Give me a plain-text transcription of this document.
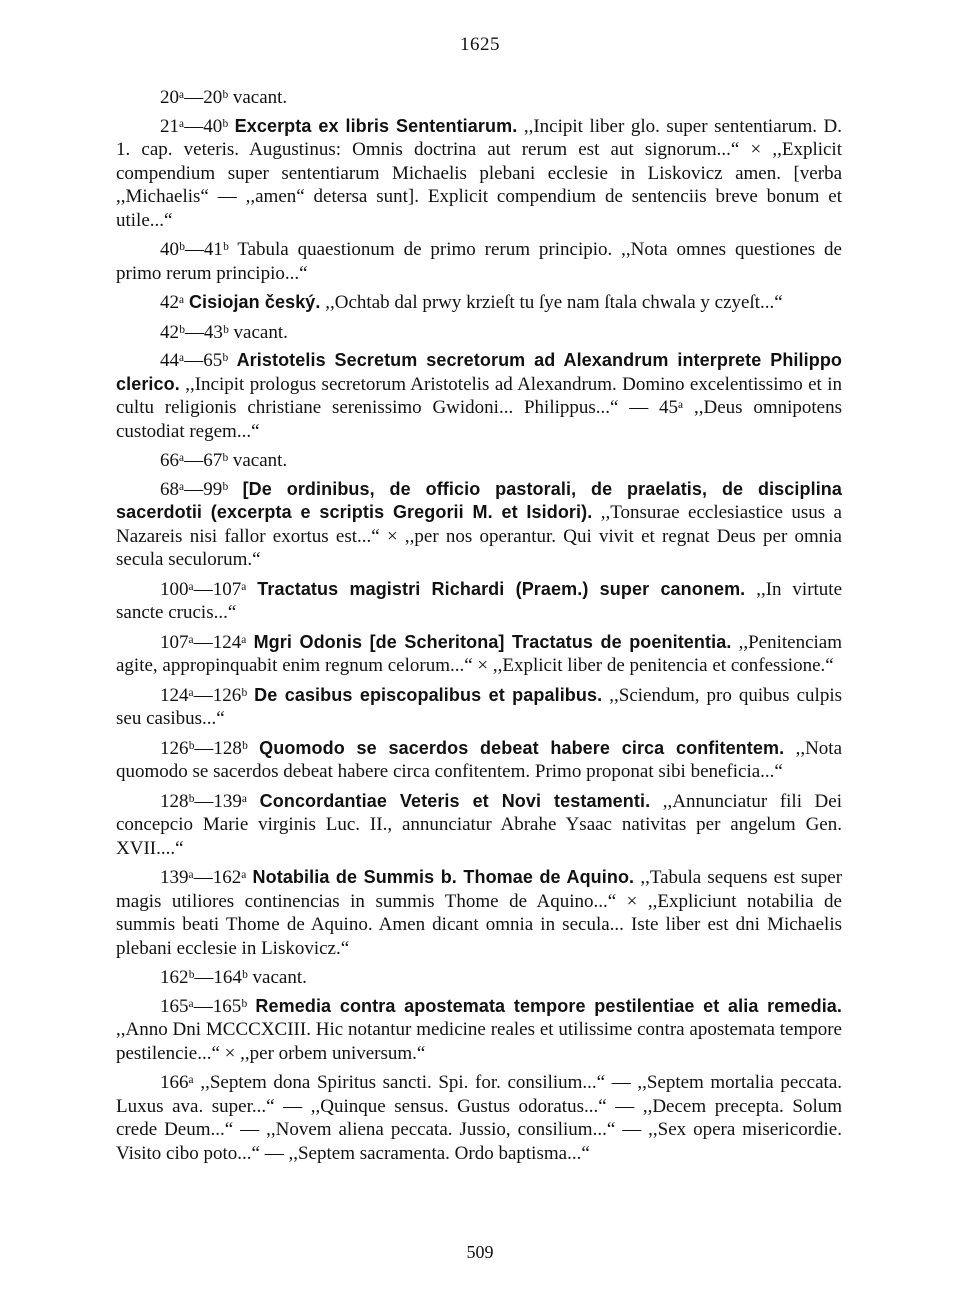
1625

20ᵃ—20ᵇ vacant.

21ᵃ—40ᵇ Excerpta ex libris Sententiarum. ,,Incipit liber glo. super sententiarum. D. 1. cap. veteris. Augustinus: Omnis doctrina aut rerum est aut signorum...“ × ,,Explicit compendium super sententiarum Michaelis plebani ecclesie in Liskovicz amen. [verba ,,Michaelis“ — ,,amen“ detersa sunt]. Explicit compendium de sentenciis breve bonum et utile...“

40ᵇ—41ᵇ Tabula quaestionum de primo rerum principio. ,,Nota omnes questiones de primo rerum principio...“

42ᵃ Cisiojan český. ,,Ochtab dal prwy krzieſt tu ſye nam ſtala chwala y czyeſt...“

42ᵇ—43ᵇ vacant.

44ᵃ—65ᵇ Aristotelis Secretum secretorum ad Alexandrum interprete Philippo clerico. ,,Incipit prologus secretorum Aristotelis ad Alexandrum. Domino excelentissimo et in cultu religionis christiane serenissimo Gwidoni... Philippus...“ — 45ᵃ ,,Deus omnipotens custodiat regem...“

66ᵃ—67ᵇ vacant.

68ᵃ—99ᵇ [De ordinibus, de officio pastorali, de praelatis, de disciplina sacerdotii (excerpta e scriptis Gregorii M. et Isidori). ,,Tonsurae ecclesiastice usus a Nazareis nisi fallor exortus est...“ × ,,per nos operantur. Qui vivit et regnat Deus per omnia secula seculorum.“

100ᵃ—107ᵃ Tractatus magistri Richardi (Praem.) super canonem. ,,In virtute sancte crucis...“

107ᵃ—124ᵃ Mgri Odonis [de Scheritona] Tractatus de poenitentia. ,,Penitenciam agite, appropinquabit enim regnum celorum...“ × ,,Explicit liber de penitencia et confessione.“

124ᵃ—126ᵇ De casibus episcopalibus et papalibus. ,,Sciendum, pro quibus culpis seu casibus...“

126ᵇ—128ᵇ Quomodo se sacerdos debeat habere circa confitentem. ,,Nota quomodo se sacerdos debeat habere circa confitentem. Primo proponat sibi beneficia...“

128ᵇ—139ᵃ Concordantiae Veteris et Novi testamenti. ,,Annunciatur fili Dei concepcio Marie virginis Luc. II., annunciatur Abrahe Ysaac nativitas per angelum Gen. XVII....“

139ᵃ—162ᵃ Notabilia de Summis b. Thomae de Aquino. ,,Tabula sequens est super magis utiliores continencias in summis Thome de Aquino...“ × ,,Expliciunt notabilia de summis beati Thome de Aquino. Amen dicant omnia in secula... Iste liber est dni Michaelis plebani ecclesie in Liskovicz.“

162ᵇ—164ᵇ vacant.

165ᵃ—165ᵇ Remedia contra apostemata tempore pestilentiae et alia remedia. ,,Anno Dni MCCCXCIII. Hic notantur medicine reales et utilissime contra apostemata tempore pestilencie...“ × ,,per orbem universum.“

166ᵃ ,,Septem dona Spiritus sancti. Spi. for. consilium...“ — ,,Septem mortalia peccata. Luxus ava. super...“ — ,,Quinque sensus. Gustus odoratus...“ — ,,Decem precepta. Solum crede Deum...“ — ,,Novem aliena peccata. Jussio, consilium...“ — ,,Sex opera misericordie. Visito cibo poto...“ — ,,Septem sacramenta. Ordo baptisma...“

509
